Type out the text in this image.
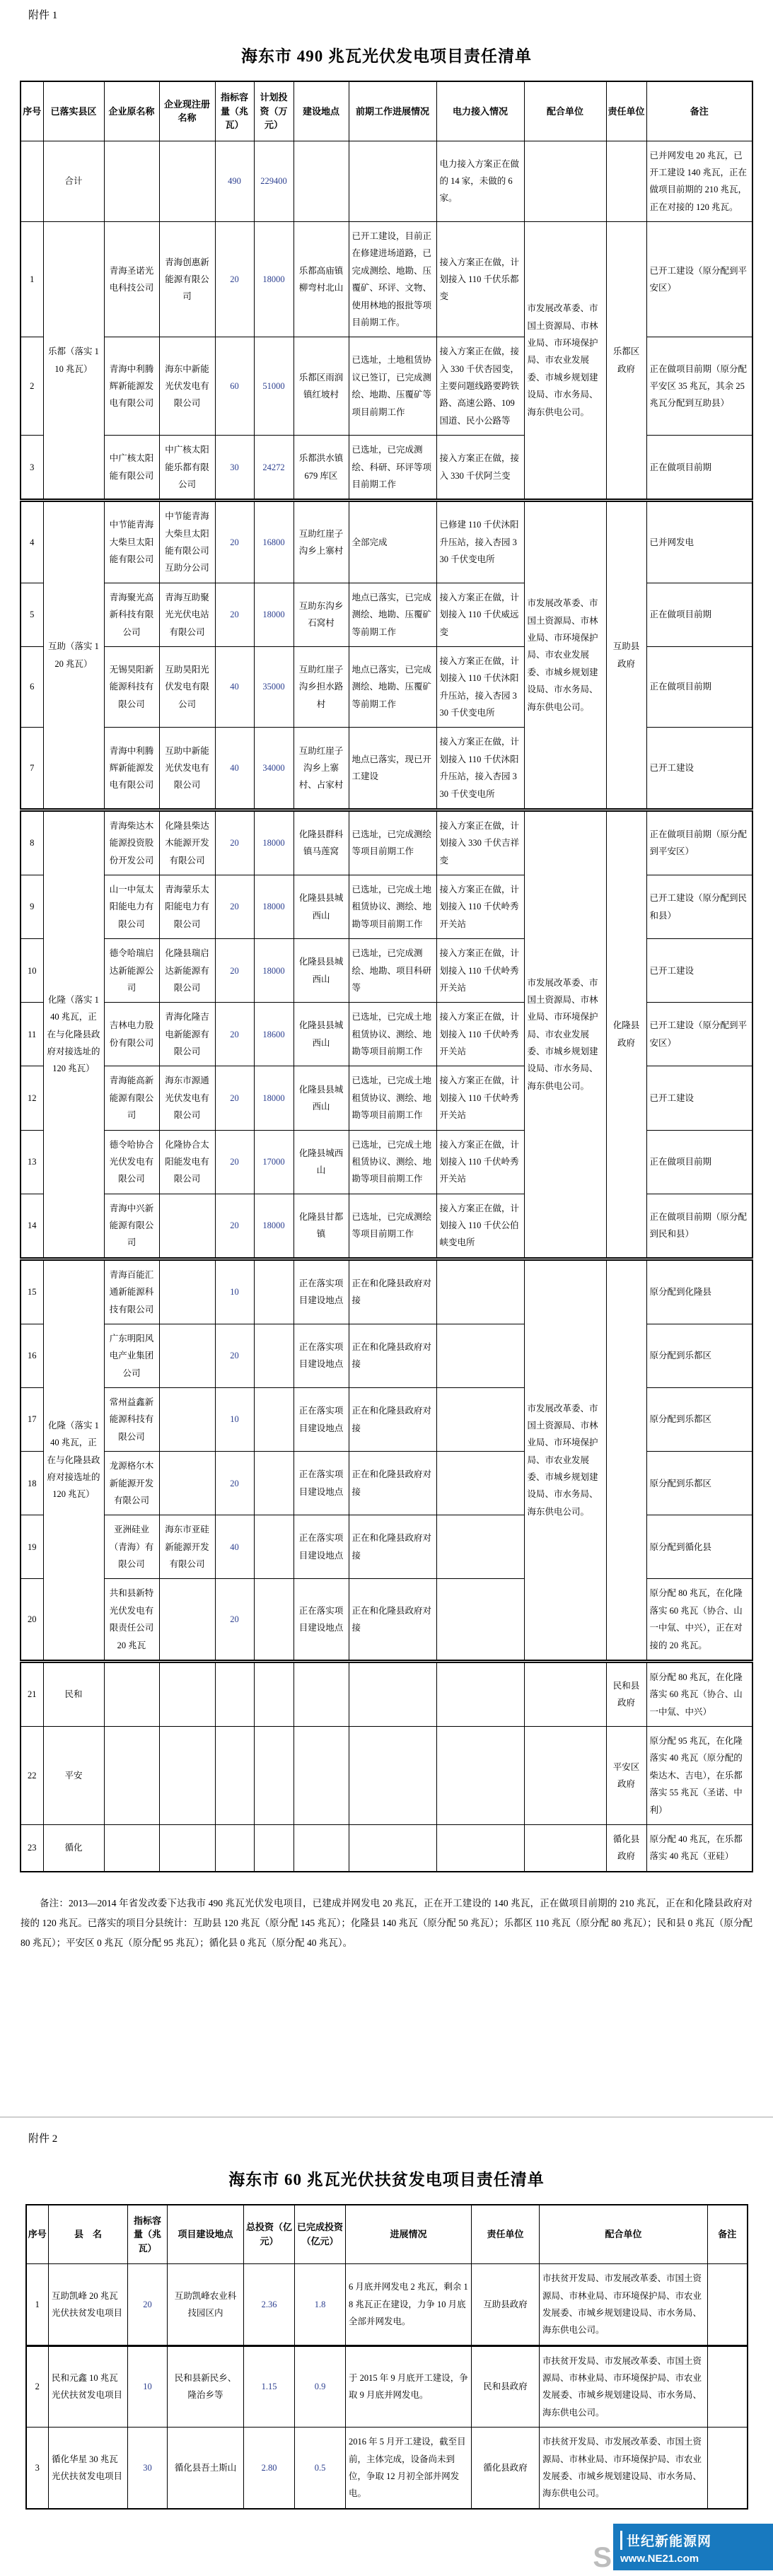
附件 1
海东市 490 兆瓦光伏发电项目责任清单
序号	已落实县区	企业原名称	企业现注册名称	指标容量（兆瓦）	计划投资（万元）	建设地点	前期工作进展情况	电力接入情况	配合单位	责任单位	备注
	合计			490	229400			电力接入方案正在做的 14 家，未做的 6 家。			已并网发电 20 兆瓦，已开工建设 140 兆瓦，正在做项目前期的 210 兆瓦，正在对接的 120 兆瓦。
1	乐都（落实 110 兆瓦）	青海圣诺光电科技公司	青海创惠新能源有限公司	20	18000	乐都高庙镇柳弯村北山	已开工建设，目前正在修建进场道路，已完成测绘、地勘、压覆矿、环评、文物、使用林地的报批等项目前期工作。	接入方案正在做，计划接入 110 千伏乐都变	市发展改革委、市国土资源局、市林业局、市环境保护局、市农业发展委、市城乡规划建设局、市水务局、海东供电公司。	乐都区政府	已开工建设（原分配到平安区）
2		青海中利腾辉新能源发电有限公司	海东中新能光伏发电有限公司	60	51000	乐都区雨润镇红坡村	已选址，土地租赁协议已签订，已完成测绘、地勘、压覆矿等项目前期工作	接入方案正在做，接入 330 千伏杏园变，主要问题线路要跨铁路、高速公路、109 国道、民小公路等			正在做项目前期（原分配平安区 35 兆瓦，其余 25 兆瓦分配到互助县）
3		中广核太阳能有限公司	中广核太阳能乐都有限公司	30	24272	乐都洪水镇 679 库区	已选址，已完成测绘、科研、环评等项目前期工作	接入方案正在做，接入 330 千伏阿兰变			正在做项目前期
4	互助（落实 120 兆瓦）	中节能青海大柴旦太阳能有限公司	中节能青海大柴旦太阳能有限公司互助分公司	20	16800	互助红崖子沟乡上寨村	全部完成	已修建 110 千伏沐阳升压站，接入杏园 330 千伏变电所	市发展改革委、市国土资源局、市林业局、市环境保护局、市农业发展委、市城乡规划建设局、市水务局、海东供电公司。	互助县政府	已并网发电
5		青海聚光高新科技有限公司	青海互助聚光光伏电站有限公司	20	18000	互助东沟乡石窝村	地点已落实，已完成测绘、地勘、压覆矿等前期工作	接入方案正在做，计划接入 110 千伏威远变			正在做项目前期
6		无锡昊阳新能源科技有限公司	互助昊阳光伏发电有限公司	40	35000	互助红崖子沟乡担水路村	地点已落实，已完成测绘、地勘、压覆矿等前期工作	接入方案正在做，计划接入 110 千伏沐阳升压站，接入杏园 330 千伏变电所			正在做项目前期
7		青海中利腾辉新能源发电有限公司	互助中新能光伏发电有限公司	40	34000	互助红崖子沟乡上寨村、占家村	地点已落实，现已开工建设	接入方案正在做，计划接入 110 千伏沐阳升压站，接入杏园 330 千伏变电所			已开工建设
8	化隆（落实 140 兆瓦，正在与化隆县政府对接选址的 120 兆瓦）	青海柴达木能源投资股份开发公司	化隆县柴达木能源开发有限公司	20	18000	化隆县群科镇马莲窝	已选址，已完成测绘等项目前期工作	接入方案正在做，计划接入 330 千伏吉祥变	市发展改革委、市国土资源局、市林业局、市环境保护局、市农业发展委、市城乡规划建设局、市水务局、海东供电公司。	化隆县政府	正在做项目前期（原分配到平安区）
9		山一中氚太阳能电力有限公司	青海蒙乐太阳能电力有限公司	20	18000	化隆县县城西山	已选址，已完成土地租赁协议、测绘、地勘等项目前期工作	接入方案正在做，计划接入 110 千伏岭秀开关站			已开工建设（原分配到民和县）
10		德令哈瑞启达新能源公司	化隆县瑞启达新能源有限公司	20	18000	化隆县县城西山	已选址，已完成测绘、地勘、项目科研等	接入方案正在做，计划接入 110 千伏岭秀开关站			已开工建设
11		吉林电力股份有限公司	青海化隆吉电新能源有限公司	20	18600	化隆县县城西山	已选址，已完成土地租赁协议、测绘、地勘等项目前期工作	接入方案正在做，计划接入 110 千伏岭秀开关站			已开工建设（原分配到平安区）
12		青海能高新能源有限公司	海东市源通光伏发电有限公司	20	18000	化隆县县城西山	已选址，已完成土地租赁协议、测绘、地勘等项目前期工作	接入方案正在做，计划接入 110 千伏岭秀开关站			已开工建设
13		德令哈协合光伏发电有限公司	化隆协合太阳能发电有限公司	20	17000	化隆县城西山	已选址，已完成土地租赁协议、测绘、地勘等项目前期工作	接入方案正在做，计划接入 110 千伏岭秀开关站			正在做项目前期
14		青海中兴新能源有限公司		20	18000	化隆县甘都镇	已选址，已完成测绘等项目前期工作	接入方案正在做，计划接入 110 千伏公伯峡变电所			正在做项目前期（原分配到民和县）
15	化隆（落实 140 兆瓦，正在与化隆县政府对接选址的 120 兆瓦）	青海百能汇通新能源科技有限公司		10		正在落实项目建设地点	正在和化隆县政府对接		市发展改革委、市国土资源局、市林业局、市环境保护局、市农业发展委、市城乡规划建设局、市水务局、海东供电公司。		原分配到化隆县
16		广东明阳风电产业集团公司		20		正在落实项目建设地点	正在和化隆县政府对接				原分配到乐都区
17		常州益鑫新能源科技有限公司		10		正在落实项目建设地点	正在和化隆县政府对接				原分配到乐都区
18		龙源格尔木新能源开发有限公司		20		正在落实项目建设地点	正在和化隆县政府对接				原分配到乐都区
19		亚洲硅业（青海）有限公司	海东市亚硅新能源开发有限公司	40		正在落实项目建设地点	正在和化隆县政府对接				原分配到循化县
20		共和县新特光伏发电有限责任公司 20 兆瓦		20		正在落实项目建设地点	正在和化隆县政府对接				原分配 80 兆瓦，在化隆落实 60 兆瓦（协合、山一中氚、中兴），正在对接的 20 兆瓦。
21	民和									民和县政府	原分配 80 兆瓦，在化隆落实 60 兆瓦（协合、山一中氚、中兴）
22	平安									平安区政府	原分配 95 兆瓦，在化隆落实 40 兆瓦（原分配的柴达木、吉电），在乐都落实 55 兆瓦（圣诺、中利）
23	循化									循化县政府	原分配 40 兆瓦，在乐都落实 40 兆瓦（亚硅）
备注：2013—2014 年省发改委下达我市 490 兆瓦光伏发电项目，已建成并网发电 20 兆瓦，正在开工建设的 140 兆瓦，正在做项目前期的 210 兆瓦，正在和化隆县政府对接的 120 兆瓦。已落实的项目分县统计：互助县 120 兆瓦（原分配 145 兆瓦）；化隆县 140 兆瓦（原分配 50 兆瓦）；乐都区 110 兆瓦（原分配 80 兆瓦）；民和县 0 兆瓦（原分配 80 兆瓦）；平安区 0 兆瓦（原分配 95 兆瓦）；循化县 0 兆瓦（原分配 40 兆瓦）。
附件 2
海东市 60 兆瓦光伏扶贫发电项目责任清单
序号	县　名	指标容量（兆瓦）	项目建设地点	总投资（亿元）	已完成投资（亿元）	进展情况	责任单位	配合单位	备注
1	互助凯峰 20 兆瓦光伏扶贫发电项目	20	互助凯峰农业科技园区内	2.36	1.8	6 月底并网发电 2 兆瓦，剩余 18 兆瓦正在建设，力争 10 月底全部并网发电。	互助县政府	市扶贫开发局、市发展改革委、市国土资源局、市林业局、市环境保护局、市农业发展委、市城乡规划建设局、市水务局、海东供电公司。	
2	民和元鑫 10 兆瓦光伏扶贫发电项目	10	民和县新民乡、隆治乡等	1.15	0.9	于 2015 年 9 月底开工建设，争取 9 月底并网发电。	民和县政府	市扶贫开发局、市发展改革委、市国土资源局、市林业局、市环境保护局、市农业发展委、市城乡规划建设局、市水务局、海东供电公司。	
3	循化华星 30 兆瓦光伏扶贫发电项目	30	循化县吾土斯山	2.80	0.5	2016 年 5 月开工建设，截至目前，主体完成，设备尚未到位，争取 12 月初全部并网发电。	循化县政府	市扶贫开发局、市发展改革委、市国土资源局、市林业局、市环境保护局、市农业发展委、市城乡规划建设局、市水务局、海东供电公司。	
S
世纪新能源网
www.NE21.com
